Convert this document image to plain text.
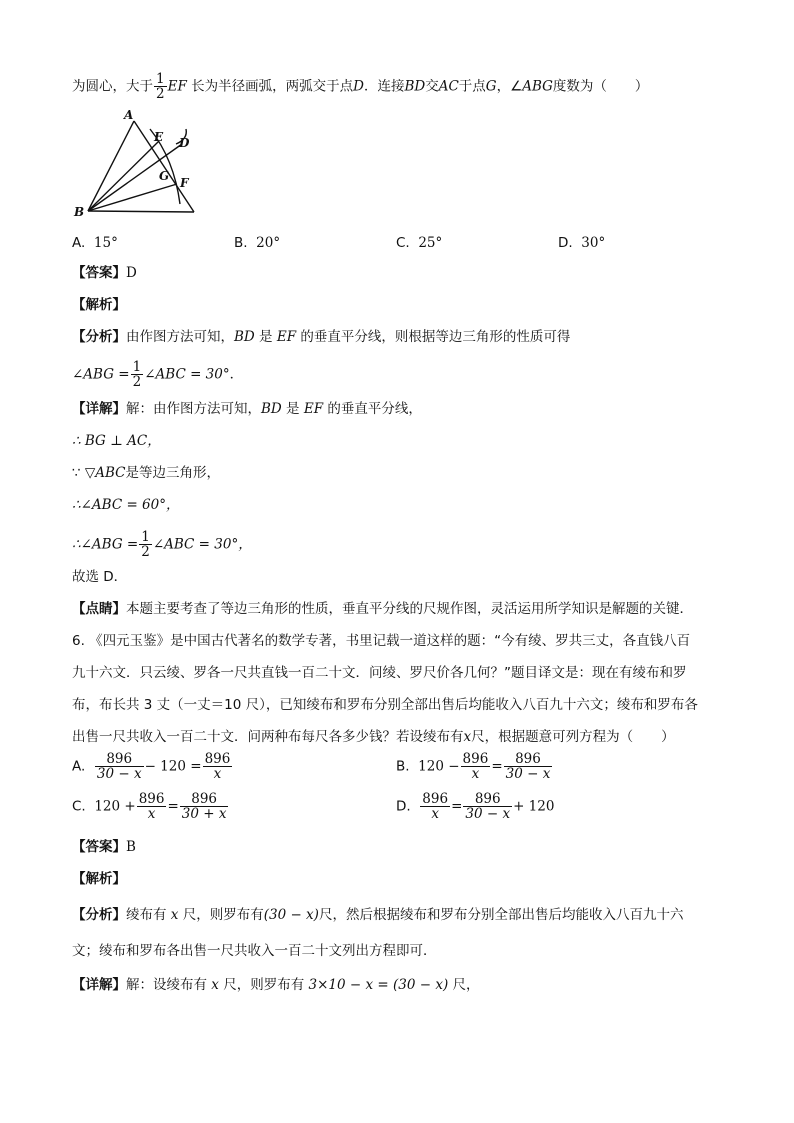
为圆心，大于 $\frac{1}{2}$ EF 长为半径画弧，两弧交于点D．连接BD交AC于点G，∠ABG度数为（ ）
A
B
D
E
F
G
A. 15°	B. 20°	C. 25°	D. 30°
【答案】D
【解析】
【分析】由作图方法可知，BD 是 EF 的垂直平分线，则根据等边三角形的性质可得
∠ABG = $\frac{1}{2}$ ∠ABC = 30°．
【详解】解：由作图方法可知，BD 是 EF 的垂直平分线，
∴ BG ⊥ AC，
∵ ▽ABC是等边三角形，
∴∠ABC = 60°，
∴∠ABG = $\frac{1}{2}$ ∠ABC = 30°，
故选 D．
【点睛】本题主要考查了等边三角形的性质，垂直平分线的尺规作图，灵活运用所学知识是解题的关键．
6. 《四元玉鉴》是中国古代著名的数学专著，书里记载一道这样的题：“今有绫、罗共三丈，各直钱八百
九十六文．只云绫、罗各一尺共直钱一百二十文．问绫、罗尺价各几何？”题目译文是：现在有绫布和罗
布，布长共 3 丈（一丈＝10 尺），已知绫布和罗布分别全部出售后均能收入八百九十六文；绫布和罗布各
出售一尺共收入一百二十文．问两种布每尺各多少钱？若设绫布有x尺，根据题意可列方程为（ ）
A. $\frac{896}{30 - x} - 120 = \frac{896}{x}$	B. $120 - \frac{896}{x} = \frac{896}{30 - x}$
C. $120 + \frac{896}{x} = \frac{896}{30 + x}$	D. $\frac{896}{x} = \frac{896}{30 - x} + 120$
【答案】B
【解析】
【分析】绫布有 x 尺，则罗布有(30 − x)尺，然后根据绫布和罗布分别全部出售后均能收入八百九十六
文；绫布和罗布各出售一尺共收入一百二十文列出方程即可．
【详解】解：设绫布有 x 尺，则罗布有 3×10 − x = (30 − x) 尺，
